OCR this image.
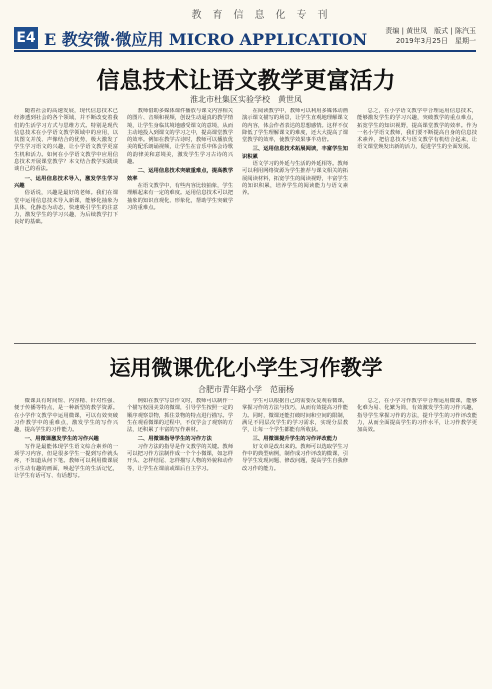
教育信息化专刊
E4 E 教安微·微应用 MICRO APPLICATION	责编 | 黄世凤　版式 | 陈汽玉
2019年3月25日　星期一
信息技术让语文教学更富活力
淮北市杜集区实验学校　黄世凤

随着社会的高速发展，现代信息技术已经渗透到社会的各个领域，并不断改变着我们的生活学习方式与思维方式。特别是现代信息技术在小学语文教学领域中的应用，以其图文并茂、声像结合的优势，极大激发了学生学习语文的兴趣，让小学语文教学更富生机和活力。如何在小学语文教学中应用信息技术开展课堂教学？本文结合教学实践谈谈自己的看法。

一、运用信息技术导入，激发学生学习兴趣

俗话说，兴趣是最好的老师。我们在课堂中运用信息技术导入新课，能够化抽象为具体，化静态为动态，快速吸引学生的注意力，激发学生的学习兴趣，为后续教学打下良好的基础。

教师借助多媒体课件播放与课文内容相关的图片、音频和视频，创设生动逼真的教学情境，让学生身临其境地感受课文的意境，从而主动地投入到课文的学习之中，提高课堂教学的效率。例如在教学古诗时，教师可以播放优美的配乐朗诵视频，让学生在音乐中体会诗歌的韵律美和意境美，激发学生学习古诗的兴趣。

二、运用信息技术突破重难点，提高教学效率

在语文教学中，有些内容比较抽象，学生理解起来有一定的难度。运用信息技术可以把抽象的知识直观化、形象化，帮助学生突破学习的重难点。

在阅读教学中，教师可以利用多媒体动画演示课文描写的场景，让学生直观地理解课文的内容，体会作者表达的思想感情。这样不仅降低了学生理解课文的难度，还大大提高了课堂教学的效率，使教学效果事半功倍。

三、运用信息技术拓展阅读，丰富学生知识积累

语文学习的外延与生活的外延相等。教师可以利用网络资源为学生推荐与课文相关的拓展阅读材料，拓宽学生的阅读视野，丰富学生的知识积累，培养学生的阅读能力与语文素养。

总之，在小学语文教学中合理运用信息技术，能够激发学生的学习兴趣，突破教学的重点难点，拓宽学生的知识视野，提高课堂教学的效率。作为一名小学语文教师，我们要不断提高自身的信息技术素养，把信息技术与语文教学有机结合起来，让语文课堂焕发出新的活力，促进学生的全面发展。

运用微课优化小学生习作教学
合肥市青年路小学　范丽杨

微课具有时间短、内容精、针对性强、便于传播等特点，是一种新型的教学资源。在小学作文教学中运用微课，可以有效突破习作教学中的重难点，激发学生的写作兴趣，提高学生的习作能力。

一、用微课激发学生的习作兴趣

写作是最能体现学生语文综合素养的一项学习内容，但是很多学生一提到写作就头疼，不知道从何下笔。教师可以利用微课展示生动有趣的画面，唤起学生的生活记忆，让学生有话可写、有话想写。

例如在教学写景作文时，教师可以制作一个描写校园美景的微课，引导学生按照一定的顺序观察景物，抓住景物的特点进行描写。学生在观看微课的过程中，不仅学会了观察的方法，还积累了丰富的写作素材。

二、用微课指导学生的习作方法

习作方法的指导是作文教学的关键。教师可以把习作方法制作成一个个小微课，如怎样开头、怎样结尾、怎样描写人物的外貌和动作等，让学生在课前或课后自主学习。

学生可以根据自己的需要反复观看微课，掌握习作的方法与技巧，从而有效提高习作能力。同时，微课还能打破时间和空间的限制，满足不同层次学生的学习需求，实现分层教学，让每一个学生都能有所收获。

三、用微课提升学生的习作评改能力

好文章是改出来的。教师可以选取学生习作中的典型病例，制作成习作评改的微课，引导学生发现问题、修改问题，提高学生自我修改习作的能力。

总之，在小学习作教学中合理运用微课，能够化难为易、化繁为简，有效激发学生的习作兴趣，指导学生掌握习作的方法，提升学生的习作评改能力，从而全面提高学生的习作水平，让习作教学更加高效。
